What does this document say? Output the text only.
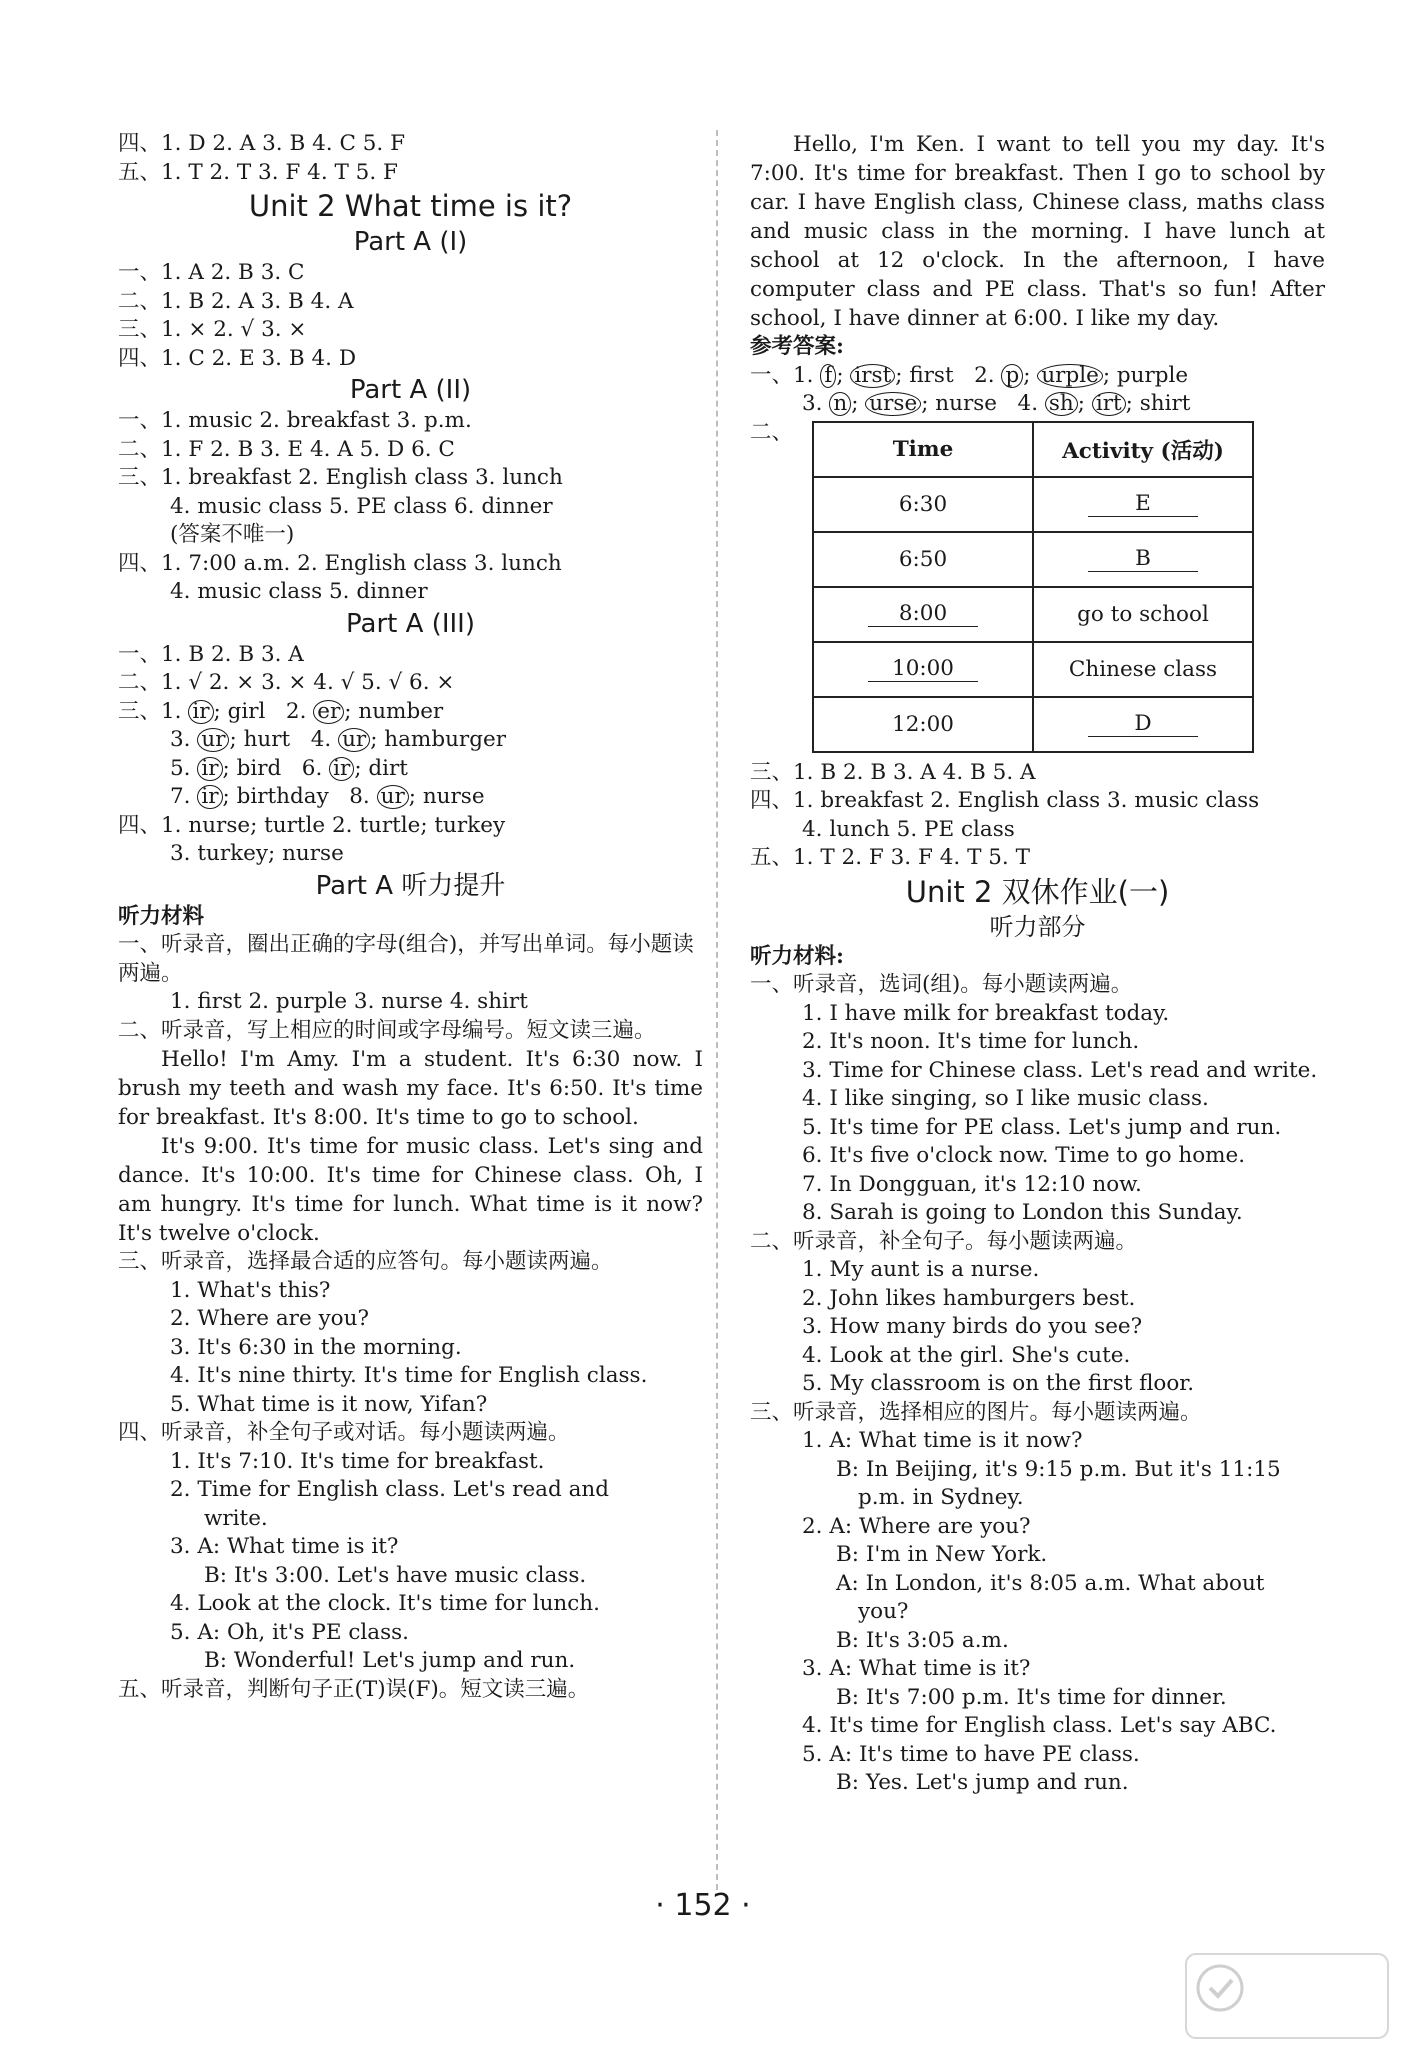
四、1. D 2. A 3. B 4. C 5. F
五、1. T 2. T 3. F 4. T 5. F
Unit 2 What time is it?
Part A (I)
一、1. A 2. B 3. C
二、1. B 2. A 3. B 4. A
三、1. × 2. √ 3. ×
四、1. C 2. E 3. B 4. D
Part A (II)
一、1. music 2. breakfast 3. p.m.
二、1. F 2. B 3. E 4. A 5. D 6. C
三、1. breakfast 2. English class 3. lunch
4. music class 5. PE class 6. dinner
(答案不唯一)
四、1. 7:00 a.m. 2. English class 3. lunch
4. music class 5. dinner
Part A (III)
一、1. B 2. B 3. A
二、1. √ 2. × 3. × 4. √ 5. √ 6. ×
三、1. ir ; girl 2. er ; number
3. ur ; hurt 4. ur ; hamburger
5. ir ; bird 6. ir ; dirt
7. ir ; birthday 8. ur ; nurse
四、1. nurse; turtle 2. turtle; turkey
3. turkey; nurse
Part A 听力提升
听力材料
一、听录音，圈出正确的字母(组合)，并写出单词。每小题读两遍。
1. first 2. purple 3. nurse 4. shirt
二、听录音，写上相应的时间或字母编号。短文读三遍。
Hello! I'm Amy. I'm a student. It's 6:30 now. I brush my teeth and wash my face. It's 6:50. It's time for breakfast. It's 8:00. It's time to go to school.
It's 9:00. It's time for music class. Let's sing and dance. It's 10:00. It's time for Chinese class. Oh, I am hungry. It's time for lunch. What time is it now? It's twelve o'clock.
三、听录音，选择最合适的应答句。每小题读两遍。
1. What's this?
2. Where are you?
3. It's 6:30 in the morning.
4. It's nine thirty. It's time for English class.
5. What time is it now, Yifan?
四、听录音，补全句子或对话。每小题读两遍。
1. It's 7:10. It's time for breakfast.
2. Time for English class. Let's read and
write.
3. A: What time is it?
B: It's 3:00. Let's have music class.
4. Look at the clock. It's time for lunch.
5. A: Oh, it's PE class.
B: Wonderful! Let's jump and run.
五、听录音，判断句子正(T)误(F)。短文读三遍。
Hello, I'm Ken. I want to tell you my day. It's 7:00. It's time for breakfast. Then I go to school by car. I have English class, Chinese class, maths class and music class in the morning. I have lunch at school at 12 o'clock. In the afternoon, I have computer class and PE class. That's so fun! After school, I have dinner at 6:00. I like my day.
参考答案:
一、1. f ; irst ; first 2. p ; urple ; purple
3. n ; urse ; nurse 4. sh ; irt ; shirt
二、
Time	Activity (活动)
6:30	E
6:50	B
8:00	go to school
10:00	Chinese class
12:00	D
三、1. B 2. B 3. A 4. B 5. A
四、1. breakfast 2. English class 3. music class
4. lunch 5. PE class
五、1. T 2. F 3. F 4. T 5. T
Unit 2 双休作业(一)
听力部分
听力材料:
一、听录音，选词(组)。每小题读两遍。
1. I have milk for breakfast today.
2. It's noon. It's time for lunch.
3. Time for Chinese class. Let's read and write.
4. I like singing, so I like music class.
5. It's time for PE class. Let's jump and run.
6. It's five o'clock now. Time to go home.
7. In Dongguan, it's 12:10 now.
8. Sarah is going to London this Sunday.
二、听录音，补全句子。每小题读两遍。
1. My aunt is a nurse.
2. John likes hamburgers best.
3. How many birds do you see?
4. Look at the girl. She's cute.
5. My classroom is on the first floor.
三、听录音，选择相应的图片。每小题读两遍。
1. A: What time is it now?
B: In Beijing, it's 9:15 p.m. But it's 11:15
p.m. in Sydney.
2. A: Where are you?
B: I'm in New York.
A: In London, it's 8:05 a.m. What about
you?
B: It's 3:05 a.m.
3. A: What time is it?
B: It's 7:00 p.m. It's time for dinner.
4. It's time for English class. Let's say ABC.
5. A: It's time to have PE class.
B: Yes. Let's jump and run.
· 152 ·
